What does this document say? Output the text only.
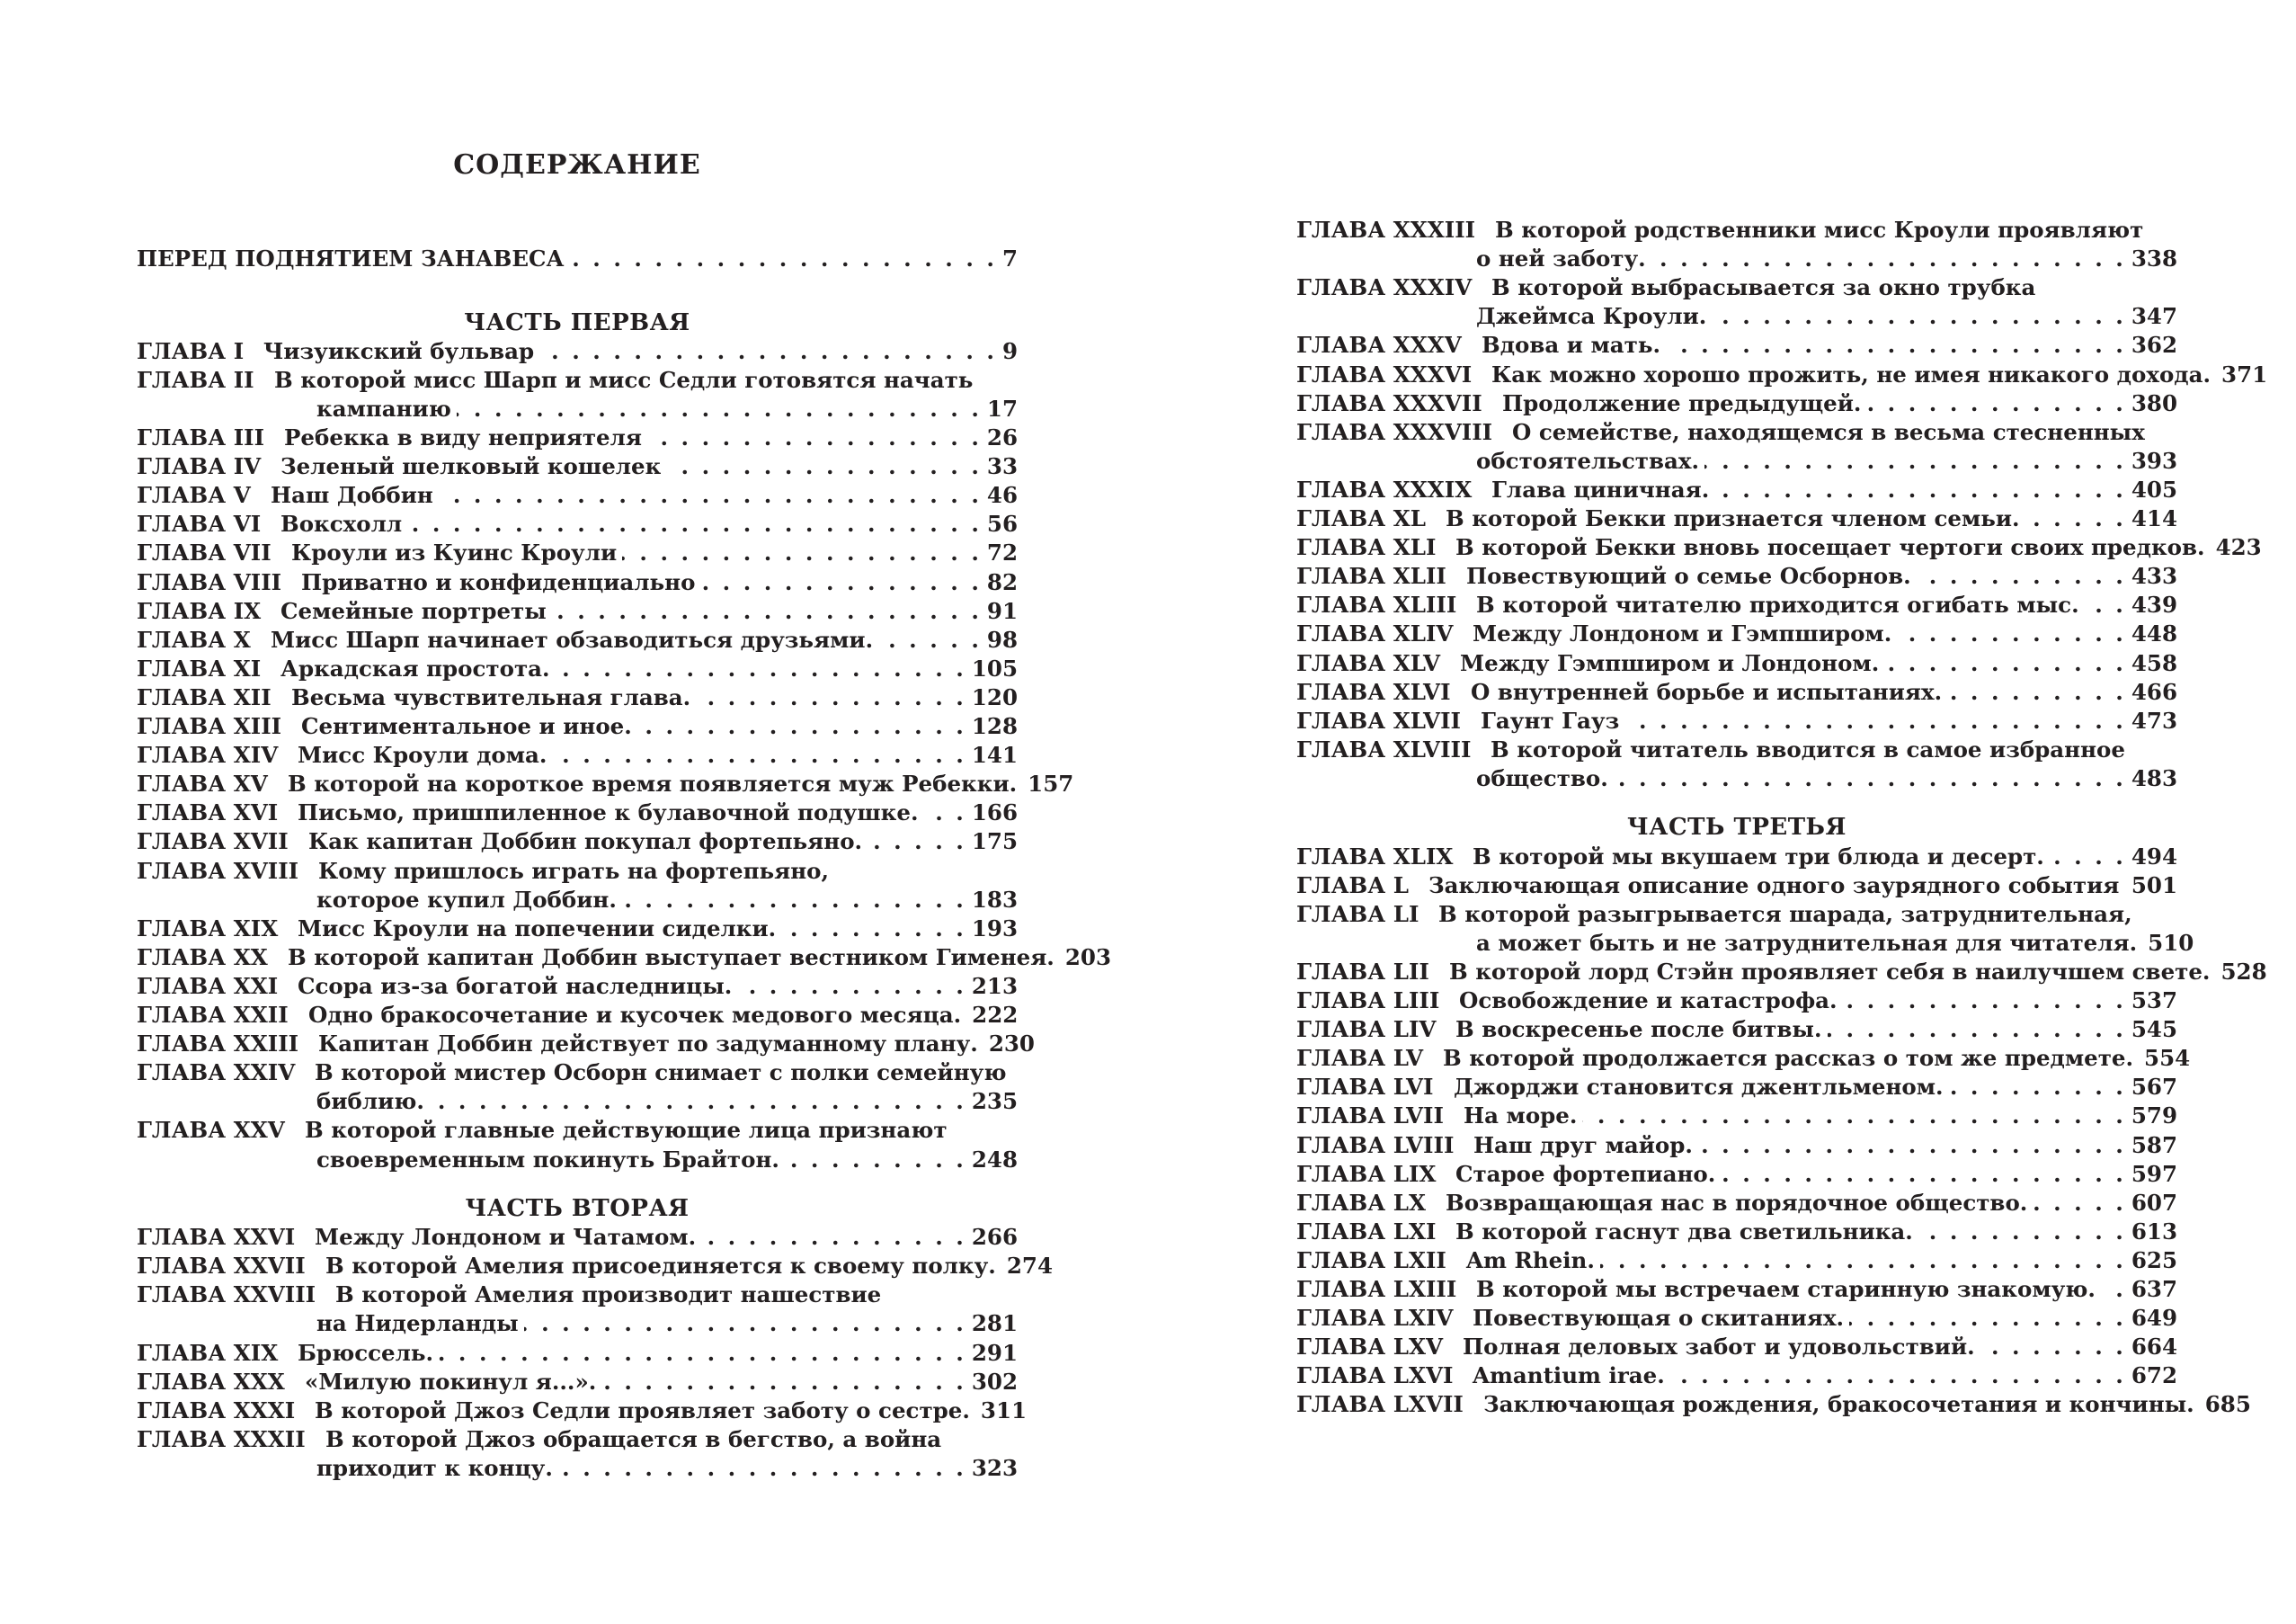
СОДЕРЖАНИЕ
ПЕРЕД ПОДНЯТИЕМ ЗАНАВЕСА . . .	7
ЧАСТЬ ПЕРВАЯ
ГЛАВА I Чизуикский бульвар . . .	9
ГЛАВА II В которой мисс Шарп и мисс Седли готовятся начать
кампанию . . .	17
ГЛАВА III Ребекка в виду неприятеля . . .	26
ГЛАВА IV Зеленый шелковый кошелек . . .	33
ГЛАВА V Наш Доббин . . .	46
ГЛАВА VI Воксхолл . . .	56
ГЛАВА VII Кроули из Куинс Кроули . . .	72
ГЛАВА VIII Приватно и конфиденциально . . .	82
ГЛАВА IX Семейные портреты . . .	91
ГЛАВА X Мисс Шарп начинает обзаводиться друзьями. . . .	98
ГЛАВА XI Аркадская простота. . . .	105
ГЛАВА XII Весьма чувствительная глава. . . .	120
ГЛАВА XIII Сентиментальное и иное. . . .	128
ГЛАВА XIV Мисс Кроули дома. . . .	141
ГЛАВА XV В которой на короткое время появляется муж Ребекки. 157
ГЛАВА XVI Письмо, пришпиленное к булавочной подушке. . . . 166
ГЛАВА XVII Как капитан Доббин покупал фортепьяно. . . .	175
ГЛАВА XVIII Кому пришлось играть на фортепьяно,
которое купил Доббин. . . .	183
ГЛАВА XIX Мисс Кроули на попечении сиделки. . . .	193
ГЛАВА XX В которой капитан Доббин выступает вестником Гименея. 203
ГЛАВА XXI Ссора из-за богатой наследницы. . . .	213
ГЛАВА XXII Одно бракосочетание и кусочек медового месяца. 222
ГЛАВА XXIII Капитан Доббин действует по задуманному плану. 230
ГЛАВА XXIV В которой мистер Осборн снимает с полки семейную
библию. . . .	235
ГЛАВА XXV В которой главные действующие лица признают
своевременным покинуть Брайтон. . . .	248
ЧАСТЬ ВТОРАЯ
ГЛАВА XXVI Между Лондоном и Чатамом. . . .	266
ГЛАВА XXVII В которой Амелия присоединяется к своему полку. 274
ГЛАВА XXVIII В которой Амелия производит нашествие
на Нидерланды . . .	281
ГЛАВА XIX Брюссель. . . .	291
ГЛАВА XXX «Милую покинул я...». . . .	302
ГЛАВА XXXI В которой Джоз Седли проявляет заботу о сестре. 311
ГЛАВА XXXII В которой Джоз обращается в бегство, а война
приходит к концу. . . .	323
ГЛАВА XXXIII В которой родственники мисс Кроули проявляют
о ней заботу. . . .	338
ГЛАВА XXXIV В которой выбрасывается за окно трубка
Джеймса Кроули. . . .	347
ГЛАВА XXXV Вдова и мать. . . .	362
ГЛАВА XXXVI Как можно хорошо прожить, не имея никакого дохода. 371
ГЛАВА XXXVII Продолжение предыдущей. . . .	380
ГЛАВА XXXVIII О семействе, находящемся в весьма стесненных
обстоятельствах. . . .	393
ГЛАВА XXXIX Глава циничная. . . .	405
ГЛАВА XL В которой Бекки признается членом семьи. . . .	414
ГЛАВА XLI В которой Бекки вновь посещает чертоги своих предков. 423
ГЛАВА XLII Повествующий о семье Осборнов. . . .	433
ГЛАВА XLIII В которой читателю приходится огибать мыс. . . . 439
ГЛАВА XLIV Между Лондоном и Гэмпширом. . . .	448
ГЛАВА XLV Между Гэмпширом и Лондоном. . . .	458
ГЛАВА XLVI О внутренней борьбе и испытаниях. . . .	466
ГЛАВА XLVII Гаунт Гауз . . .	473
ГЛАВА XLVIII В которой читатель вводится в самое избранное
общество. . . .	483
ЧАСТЬ ТРЕТЬЯ
ГЛАВА XLIX В которой мы вкушаем три блюда и десерт. . . .	494
ГЛАВА L Заключающая описание одного заурядного события . . . 501
ГЛАВА LI В которой разыгрывается шарада, затруднительная,
а может быть и не затруднительная для читателя. 510
ГЛАВА LII В которой лорд Стэйн проявляет себя в наилучшем свете. 528
ГЛАВА LIII Освобождение и катастрофа. . . .	537
ГЛАВА LIV В воскресенье после битвы. . . .	545
ГЛАВА LV В которой продолжается рассказ о том же предмете. 554
ГЛАВА LVI Джорджи становится джентльменом. . . .	567
ГЛАВА LVII На море. . . .	579
ГЛАВА LVIII Наш друг майор. . . .	587
ГЛАВА LIX Старое фортепиано. . . .	597
ГЛАВА LX Возвращающая нас в порядочное общество. . . .	607
ГЛАВА LXI В которой гаснут два светильника. . . .	613
ГЛАВА LXII Am Rhein. . . .	625
ГЛАВА LXIII В которой мы встречаем старинную знакомую. . . . 637
ГЛАВА LXIV Повествующая о скитаниях. . . .	649
ГЛАВА LXV Полная деловых забот и удовольствий. . . .	664
ГЛАВА LXVI Amantium irae. . . .	672
ГЛАВА LXVII Заключающая рождения, бракосочетания и кончины. 685
